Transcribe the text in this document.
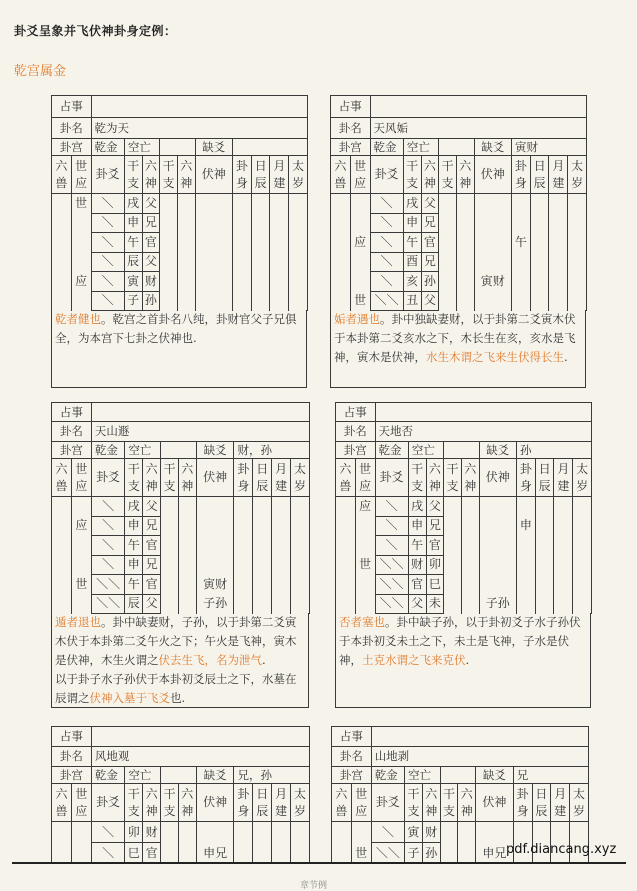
卦爻呈象并飞伏神卦身定例：
乾宫属金
占事											
卦名		乾为天									
卦宫		乾金	空亡				缺爻				
六兽	世应	卦爻	干支	六神	干支	六神	伏神	卦身	日辰	月建	太岁
	世	＼	戌	父							
		＼	申	兄							
		＼	午	官							
		＼	辰	父							
	应	＼	寅	财							
		＼	子	孙							

乾者健也。乾宫之首卦名八纯，卦财官父子兄俱全，为本宫下七卦之伏神也.

占事											
卦名		天风姤									
卦宫		乾金	空亡				缺爻	寅财			
六兽	世应	卦爻	干支	六神	干支	六神	伏神	卦身	日辰	月建	太岁
		＼	戌	父							
		＼	申	兄							
	应	＼	午	官				午			
		＼	酉	兄							
		＼	亥	孙			寅财				
	世	＼＼	丑	父							

姤者遇也。卦中独缺妻财，以于卦第二爻寅木伏于本卦第二爻亥水之下，木长生在亥，亥水是飞神，寅木是伏神，水生木谓之飞来生伏得长生.

占事											
卦名		天山遯									
卦宫		乾金	空亡				缺爻	财，孙			
六兽	世应	卦爻	干支	六神	干支	六神	伏神	卦身	日辰	月建	太岁
		＼	戌	父							
	应	＼	申	兄							
		＼	午	官							
		＼	申	兄							
	世	＼＼	午	官			寅财				
		＼＼	辰	父			子孙				

遁者退也。卦中缺妻财，子孙，以于卦第二爻寅木伏于本卦第二爻午火之下；午火是飞神，寅木是伏神，木生火谓之伏去生飞，名为泄气.

以于卦子水子孙伏于本卦初爻辰土之下，水墓在辰谓之伏神入墓于飞爻也.

占事											
卦名		天地否									
卦宫		乾金	空亡				缺爻	孙			
六兽	世应	卦爻	干支	六神	干支	六神	伏神	卦身	日辰	月建	太岁
	应	＼	戌	父							
		＼	申	兄				申			
		＼	午	官							
	世	＼＼	财	卯							
		＼＼	官	巳							
		＼＼	父	未			子孙				

否者塞也。卦中缺子孙，以于卦初爻子水子孙伏于本卦初爻未土之下，未土是飞神，子水是伏神，土克水谓之飞来克伏.

占事											
卦名		风地观									
卦宫		乾金	空亡				缺爻	兄，孙			
六兽	世应	卦爻	干支	六神	干支	六神	伏神	卦身	日辰	月建	太岁
		＼	卯	财							
		＼	巳	官			申兄				
占事											
卦名		山地剥									
卦宫		乾金	空亡				缺爻	兄			
六兽	世应	卦爻	干支	六神	干支	六神	伏神	卦身	日辰	月建	太岁
		＼	寅	财							
	世	＼＼	子	孙			申兄				pdf.diancang.xyz
章节例
